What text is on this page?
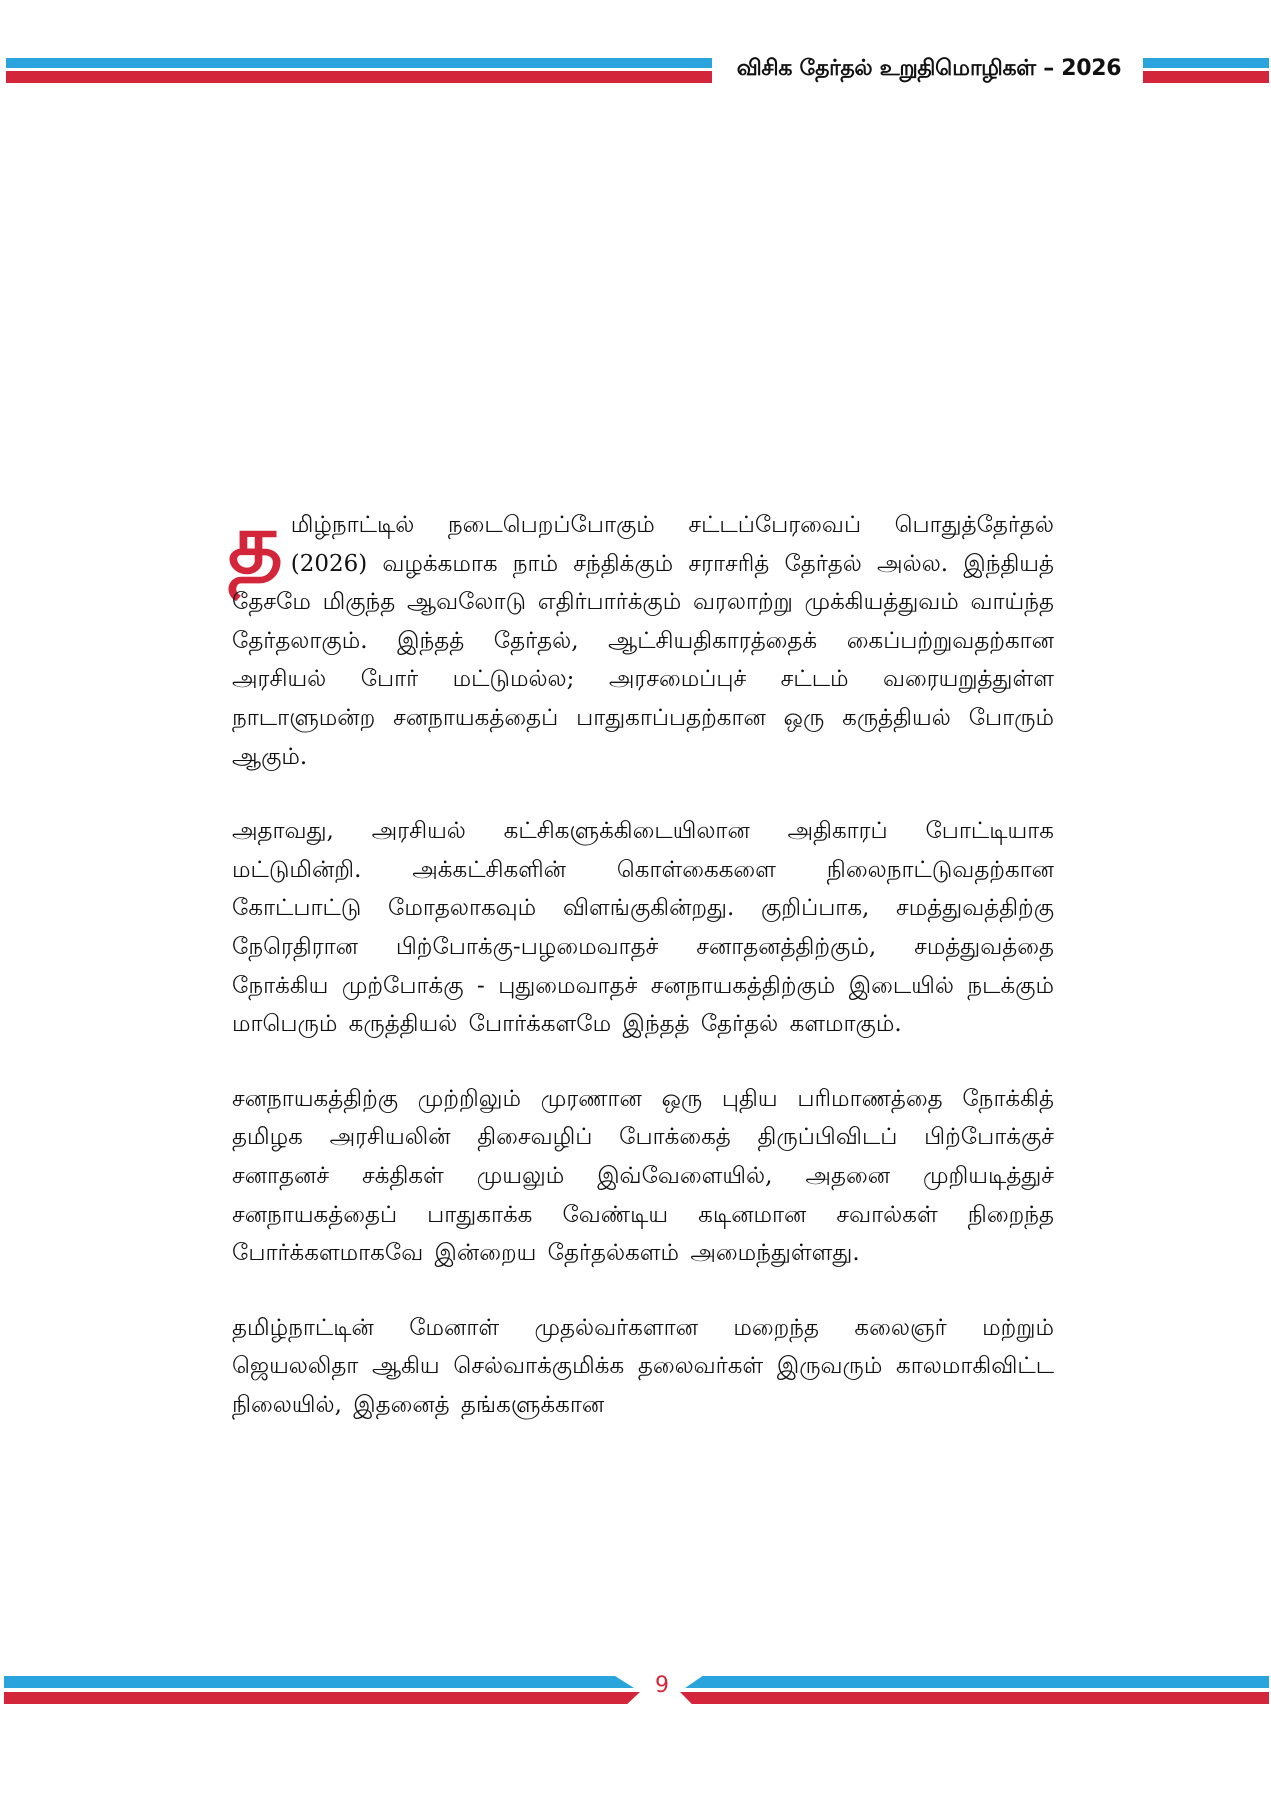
விசிக தேர்தல் உறுதிமொழிகள் – 2026

தமிழ்நாட்டில் நடைபெறப்போகும் சட்டப்பேரவைப் பொதுத்தேர்தல் (2026) வழக்கமாக நாம் சந்திக்கும் சராசரித் தேர்தல் அல்ல. இந்தியத் தேசமே மிகுந்த ஆவலோடு எதிர்பார்க்கும் வரலாற்று முக்கியத்துவம் வாய்ந்த தேர்தலாகும். இந்தத் தேர்தல், ஆட்சியதிகாரத்தைக் கைப்பற்றுவதற்கான அரசியல் போர் மட்டுமல்ல; அரசமைப்புச் சட்டம் வரையறுத்துள்ள நாடாளுமன்ற சனநாயகத்தைப் பாதுகாப்பதற்கான ஒரு கருத்தியல் போரும் ஆகும்.

அதாவது, அரசியல் கட்சிகளுக்கிடையிலான அதிகாரப் போட்டியாக மட்டுமின்றி. அக்கட்சிகளின் கொள்கைகளை நிலைநாட்டுவதற்கான கோட்பாட்டு மோதலாகவும் விளங்குகின்றது. குறிப்பாக, சமத்துவத்திற்கு நேரெதிரான பிற்போக்கு-பழமைவாதச் சனாதனத்திற்கும், சமத்துவத்தை நோக்கிய முற்போக்கு - புதுமைவாதச் சனநாயகத்திற்கும் இடையில் நடக்கும் மாபெரும் கருத்தியல் போர்க்களமே இந்தத் தேர்தல் களமாகும்.

சனநாயகத்திற்கு முற்றிலும் முரணான ஒரு புதிய பரிமாணத்தை நோக்கித் தமிழக அரசியலின் திசைவழிப் போக்கைத் திருப்பிவிடப் பிற்போக்குச் சனாதனச் சக்திகள் முயலும் இவ்வேளையில், அதனை முறியடித்துச் சனநாயகத்தைப் பாதுகாக்க வேண்டிய கடினமான சவால்கள் நிறைந்த போர்க்களமாகவே இன்றைய தேர்தல்களம் அமைந்துள்ளது.

தமிழ்நாட்டின் மேனாள் முதல்வர்களான மறைந்த கலைஞர் மற்றும் ஜெயலலிதா ஆகிய செல்வாக்குமிக்க தலைவர்கள் இருவரும் காலமாகிவிட்ட நிலையில், இதனைத் தங்களுக்கான

9
